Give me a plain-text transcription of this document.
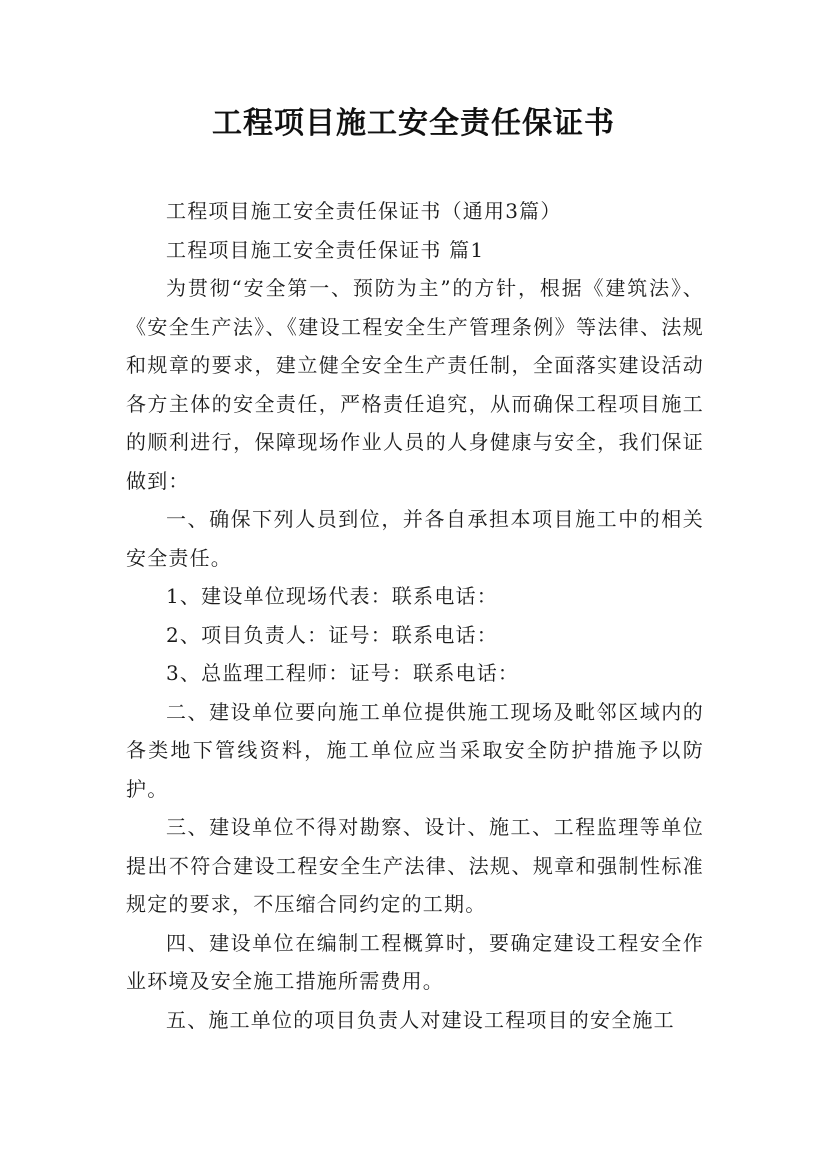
工程项目施工安全责任保证书

工程项目施工安全责任保证书（通用3篇）

工程项目施工安全责任保证书 篇1

为贯彻“安全第一、预防为主”的方针，根据《建筑法》、《安全生产法》、《建设工程安全生产管理条例》等法律、法规和规章的要求，建立健全安全生产责任制，全面落实建设活动各方主体的安全责任，严格责任追究，从而确保工程项目施工的顺利进行，保障现场作业人员的人身健康与安全，我们保证做到：

一、确保下列人员到位，并各自承担本项目施工中的相关安全责任。

1、建设单位现场代表：联系电话：

2、项目负责人：证号：联系电话：

3、总监理工程师：证号：联系电话：

二、建设单位要向施工单位提供施工现场及毗邻区域内的各类地下管线资料，施工单位应当采取安全防护措施予以防护。

三、建设单位不得对勘察、设计、施工、工程监理等单位提出不符合建设工程安全生产法律、法规、规章和强制性标准规定的要求，不压缩合同约定的工期。

四、建设单位在编制工程概算时，要确定建设工程安全作业环境及安全施工措施所需费用。

五、施工单位的项目负责人对建设工程项目的安全施工
